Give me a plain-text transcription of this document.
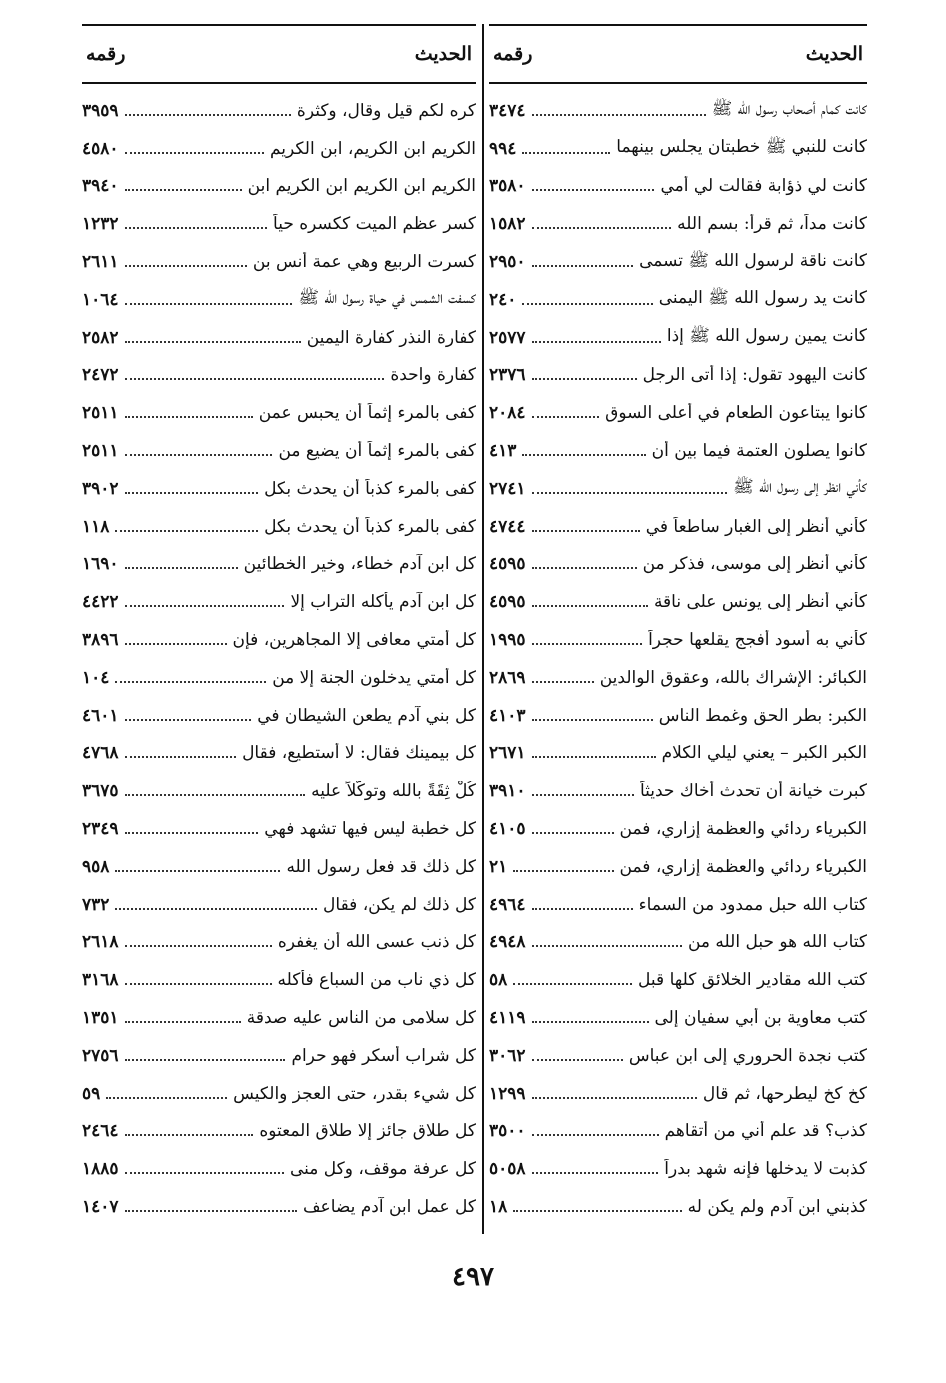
الحديث
رقمه
كانت كمام أصحاب رسول الله ﷺ
٣٤٧٤
كانت للنبي ﷺ خطبتان يجلس بينهما
٩٩٤
كانت لي ذؤابة فقالت لي أمي
٣٥٨٠
كانت مداً، ثم قرأ: بسم الله
١٥٨٢
كانت ناقة لرسول الله ﷺ تسمى
٢٩٥٠
كانت يد رسول الله ﷺ اليمنى
٢٤٠
كانت يمين رسول الله ﷺ إذا
٢٥٧٧
كانت اليهود تقول: إذا أتى الرجل
٢٣٧٦
كانوا يبتاعون الطعام في أعلى السوق
٢٠٨٤
كانوا يصلون العتمة فيما بين أن
٤١٣
كأني انظر إلى رسول الله ﷺ
٢٧٤١
كأني أنظر إلى الغبار ساطعاً في
٤٧٤٤
كأني أنظر إلى موسى، فذكر من
٤٥٩٥
كأني أنظر إلى يونس على ناقة
٤٥٩٥
كأني به أسود أفجج يقلعها حجراً
١٩٩٥
الكبائر: الإشراك بالله، وعقوق الوالدين
٢٨٦٩
الكبر: بطر الحق وغمط الناس
٤١٠٣
الكبر الكبر – يعني ليلي الكلام
٢٦٧١
كبرت خيانة أن تحدث أخاك حديثاً
٣٩١٠
الكبرياء ردائي والعظمة إزاري، فمن
٤١٠٥
الكبرياء ردائي والعظمة إزاري، فمن
٢١
كتاب الله حبل ممدود من السماء
٤٩٦٤
كتاب الله هو حبل الله من
٤٩٤٨
كتب الله مقادير الخلائق كلها قبل
٥٨
كتب معاوية بن أبي سفيان إلى
٤١١٩
كتب نجدة الحروري إلى ابن عباس
٣٠٦٢
كخ كخ ليطرحها، ثم قال
١٢٩٩
كذب؟ قد علم أني من أتقاهم
٣٥٠٠
كذبت لا يدخلها فإنه شهد بدراً
٥٠٥٨
كذبني ابن آدم ولم يكن له
١٨
الحديث
رقمه
كره لكم قيل وقال، وكثرة
٣٩٥٩
الكريم ابن الكريم، ابن الكريم
٤٥٨٠
الكريم ابن الكريم ابن الكريم ابن
٣٩٤٠
كسر عظم الميت ككسره حياً
١٢٣٢
كسرت الربيع وهي عمة أنس بن
٢٦١١
كسفت الشمس في حياة رسول الله ﷺ
١٠٦٤
كفارة النذر كفارة اليمين
٢٥٨٢
كفارة واحدة
٢٤٧٢
كفى بالمرء إثماً أن يحبس عمن
٢٥١١
كفى بالمرء إثماً أن يضيع من
٢٥١١
كفى بالمرء كذباً أن يحدث بكل
٣٩٠٢
كفى بالمرء كذباً أن يحدث بكل
١١٨
كل ابن آدم خطاء، وخير الخطائين
١٦٩٠
كل ابن آدم يأكله التراب إلا
٤٤٢٢
كل أمتي معافى إلا المجاهرين، فإن
٣٨٩٦
كل أمتي يدخلون الجنة إلا من
١٠٤
كل بني آدم يطعن الشيطان في
٤٦٠١
كل بيمينك فقال: لا أستطيع، فقال
٤٧٦٨
كُلْ ثِقَةً بالله وتوكُّلاً عليه
٣٦٧٥
كل خطبة ليس فيها تشهد فهي
٢٣٤٩
كل ذلك قد فعل رسول الله
٩٥٨
كل ذلك لم يكن، فقال
٧٣٢
كل ذنب عسى الله أن يغفره
٢٦١٨
كل ذي ناب من السباع فأكله
٣١٦٨
كل سلامى من الناس عليه صدقة
١٣٥١
كل شراب أسكر فهو حرام
٢٧٥٦
كل شيء بقدر، حتى العجز والكيس
٥٩
كل طلاق جائز إلا طلاق المعتوه
٢٤٦٤
كل عرفة موقف، وكل منى
١٨٨٥
كل عمل ابن آدم يضاعف
١٤٠٧
٤٩٧
